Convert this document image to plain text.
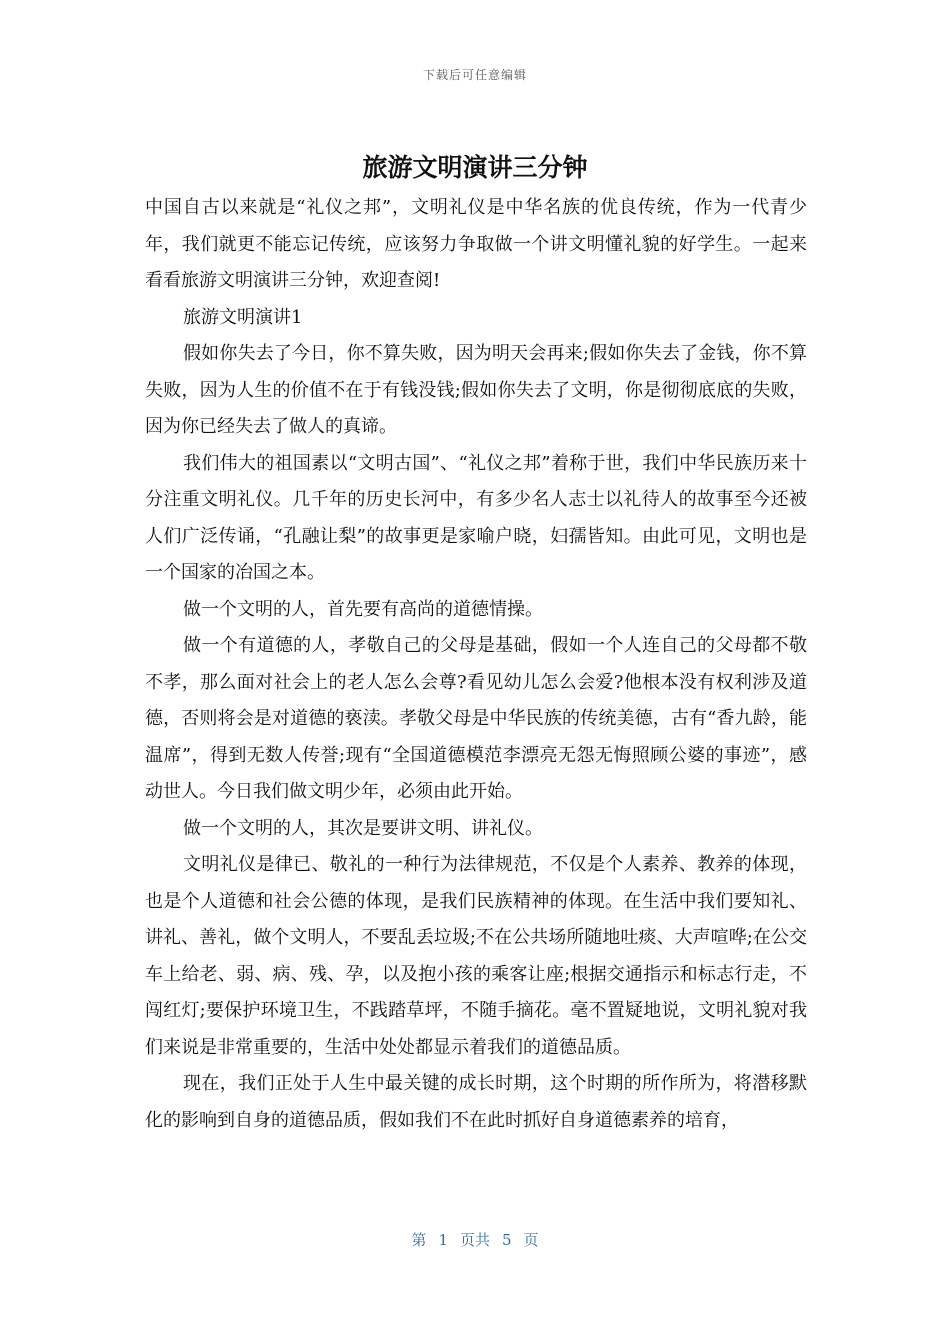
下载后可任意编辑
旅游文明演讲三分钟

中国自古以来就是“礼仪之邦”，文明礼仪是中华名族的优良传统，作为一代青少年，我们就更不能忘记传统，应该努力争取做一个讲文明懂礼貌的好学生。一起来看看旅游文明演讲三分钟，欢迎查阅!

旅游文明演讲1

假如你失去了今日，你不算失败，因为明天会再来;假如你失去了金钱，你不算失败，因为人生的价值不在于有钱没钱;假如你失去了文明，你是彻彻底底的失败，因为你已经失去了做人的真谛。

我们伟大的祖国素以“文明古国”、“礼仪之邦”着称于世，我们中华民族历来十分注重文明礼仪。几千年的历史长河中，有多少名人志士以礼待人的故事至今还被人们广泛传诵，“孔融让梨”的故事更是家喻户晓，妇孺皆知。由此可见，文明也是一个国家的冶国之本。

做一个文明的人，首先要有高尚的道德情操。

做一个有道德的人，孝敬自己的父母是基础，假如一个人连自己的父母都不敬不孝，那么面对社会上的老人怎么会尊?看见幼儿怎么会爱?他根本没有权利涉及道德，否则将会是对道德的亵渎。孝敬父母是中华民族的传统美德，古有“香九龄，能温席”，得到无数人传誉;现有“全国道德模范李漂亮无怨无悔照顾公婆的事迹”，感动世人。今日我们做文明少年，必须由此开始。

做一个文明的人，其次是要讲文明、讲礼仪。

文明礼仪是律已、敬礼的一种行为法律规范，不仅是个人素养、教养的体现，也是个人道德和社会公德的体现，是我们民族精神的体现。在生活中我们要知礼、讲礼、善礼，做个文明人，不要乱丢垃圾;不在公共场所随地吐痰、大声喧哗;在公交车上给老、弱、病、残、孕，以及抱小孩的乘客让座;根据交通指示和标志行走，不闯红灯;要保护环境卫生，不践踏草坪，不随手摘花。毫不置疑地说，文明礼貌对我们来说是非常重要的，生活中处处都显示着我们的道德品质。

现在，我们正处于人生中最关键的成长时期，这个时期的所作所为，将潜移默化的影响到自身的道德品质，假如我们不在此时抓好自身道德素养的培育，

第 1 页共 5 页
